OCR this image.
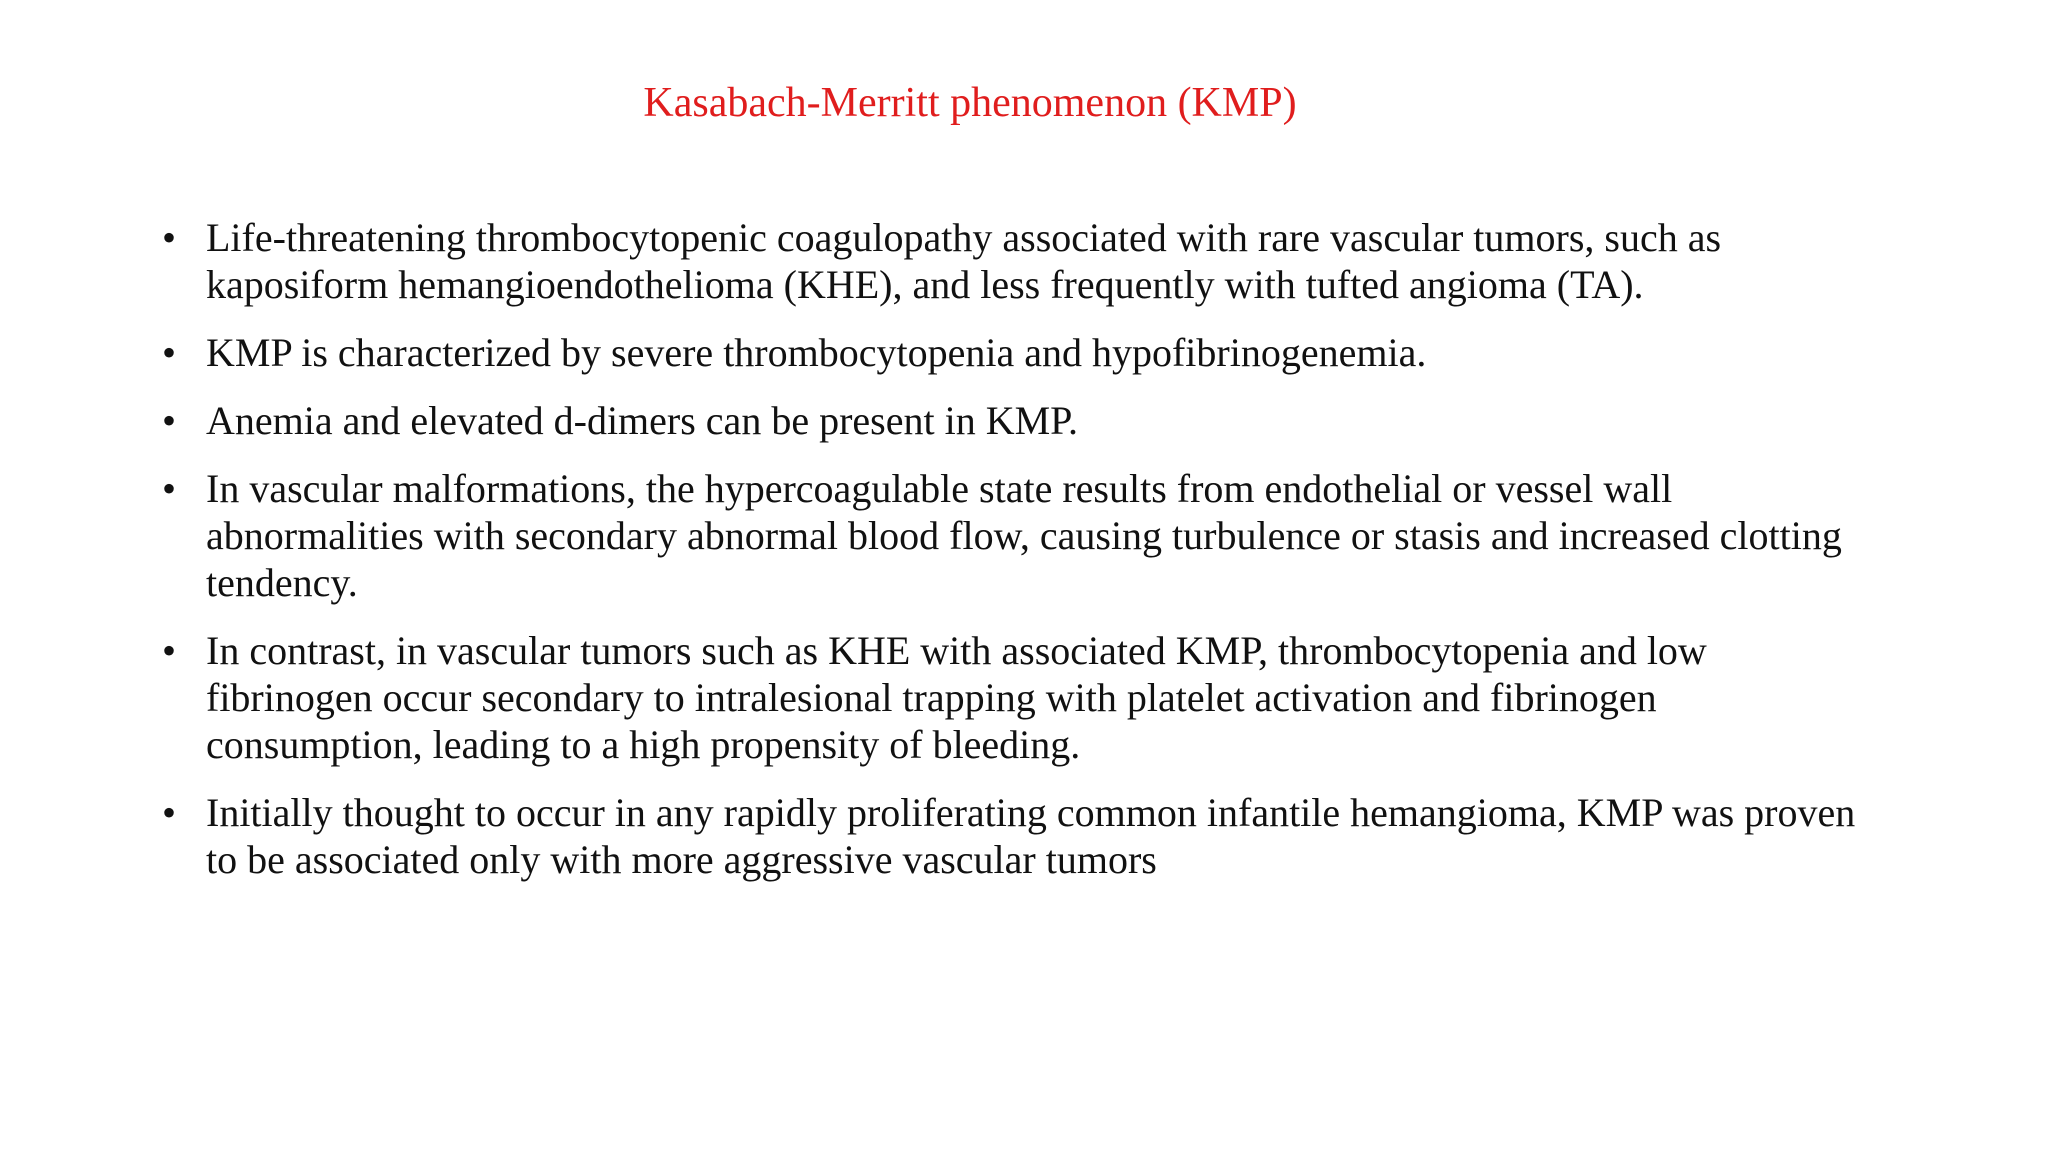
Kasabach-Merritt phenomenon (KMP)
• Life-threatening thrombocytopenic coagulopathy associated with rare vascular tumors, such as kaposiform hemangioendothelioma (KHE), and less frequently with tufted angioma (TA).
• KMP is characterized by severe thrombocytopenia and hypofibrinogenemia.
• Anemia and elevated d-dimers can be present in KMP.
• In vascular malformations, the hypercoagulable state results from endothelial or vessel wall abnormalities with secondary abnormal blood flow, causing turbulence or stasis and increased clotting tendency.
• In contrast, in vascular tumors such as KHE with associated KMP, thrombocytopenia and low fibrinogen occur secondary to intralesional trapping with platelet activation and fibrinogen consumption, leading to a high propensity of bleeding.
• Initially thought to occur in any rapidly proliferating common infantile hemangioma, KMP was proven to be associated only with more aggressive vascular tumors
